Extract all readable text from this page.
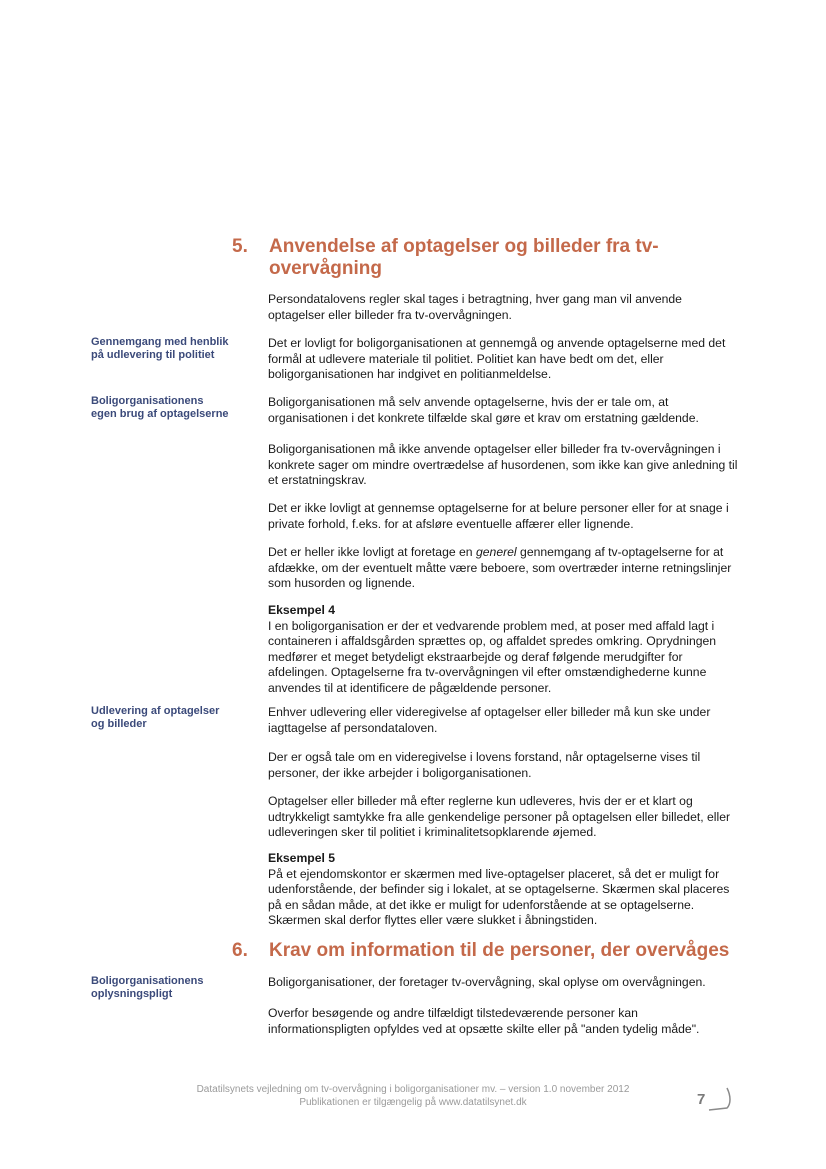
5. Anvendelse af optagelser og billeder fra tv-overvågning
Persondatalovens regler skal tages i betragtning, hver gang man vil anvende optagelser eller billeder fra tv-overvågningen.
Gennemgang med henblik på udlevering til politiet
Det er lovligt for boligorganisationen at gennemgå og anvende optagelserne med det formål at udlevere materiale til politiet. Politiet kan have bedt om det, eller boligorganisationen har indgivet en politianmeldelse.
Boligorganisationens egen brug af optagelserne
Boligorganisationen må selv anvende optagelserne, hvis der er tale om, at organisationen i det konkrete tilfælde skal gøre et krav om erstatning gældende.
Boligorganisationen må ikke anvende optagelser eller billeder fra tv-overvågningen i konkrete sager om mindre overtrædelse af husordenen, som ikke kan give anledning til et erstatningskrav.
Det er ikke lovligt at gennemse optagelserne for at belure personer eller for at snage i private forhold, f.eks. for at afsløre eventuelle affærer eller lignende.
Det er heller ikke lovligt at foretage en generel gennemgang af tv-optagelserne for at afdække, om der eventuelt måtte være beboere, som overtræder interne retningslinjer som husorden og lignende.
Eksempel 4
I en boligorganisation er der et vedvarende problem med, at poser med affald lagt i containeren i affaldsgården sprættes op, og affaldet spredes omkring. Oprydningen medfører et meget betydeligt ekstraarbejde og deraf følgende merudgifter for afdelingen. Optagelserne fra tv-overvågningen vil efter omstændighederne kunne anvendes til at identificere de pågældende personer.
Udlevering af optagelser og billeder
Enhver udlevering eller videregivelse af optagelser eller billeder må kun ske under iagttagelse af persondataloven.
Der er også tale om en videregivelse i lovens forstand, når optagelserne vises til personer, der ikke arbejder i boligorganisationen.
Optagelser eller billeder må efter reglerne kun udleveres, hvis der er et klart og udtrykkeligt samtykke fra alle genkendelige personer på optagelsen eller billedet, eller udleveringen sker til politiet i kriminalitetsopklarende øjemed.
Eksempel 5
På et ejendomskontor er skærmen med live-optagelser placeret, så det er muligt for udenforstående, der befinder sig i lokalet, at se optagelserne. Skærmen skal placeres på en sådan måde, at det ikke er muligt for udenforstående at se optagelserne. Skærmen skal derfor flyttes eller være slukket i åbningstiden.
6. Krav om information til de personer, der overvåges
Boligorganisationens oplysningspligt
Boligorganisationer, der foretager tv-overvågning, skal oplyse om overvågningen.
Overfor besøgende og andre tilfældigt tilstedeværende personer kan informationspligten opfyldes ved at opsætte skilte eller på "anden tydelig måde".
Datatilsynets vejledning om tv-overvågning i boligorganisationer mv. – version 1.0 november 2012
Publikationen er tilgængelig på www.datatilsynet.dk	7
